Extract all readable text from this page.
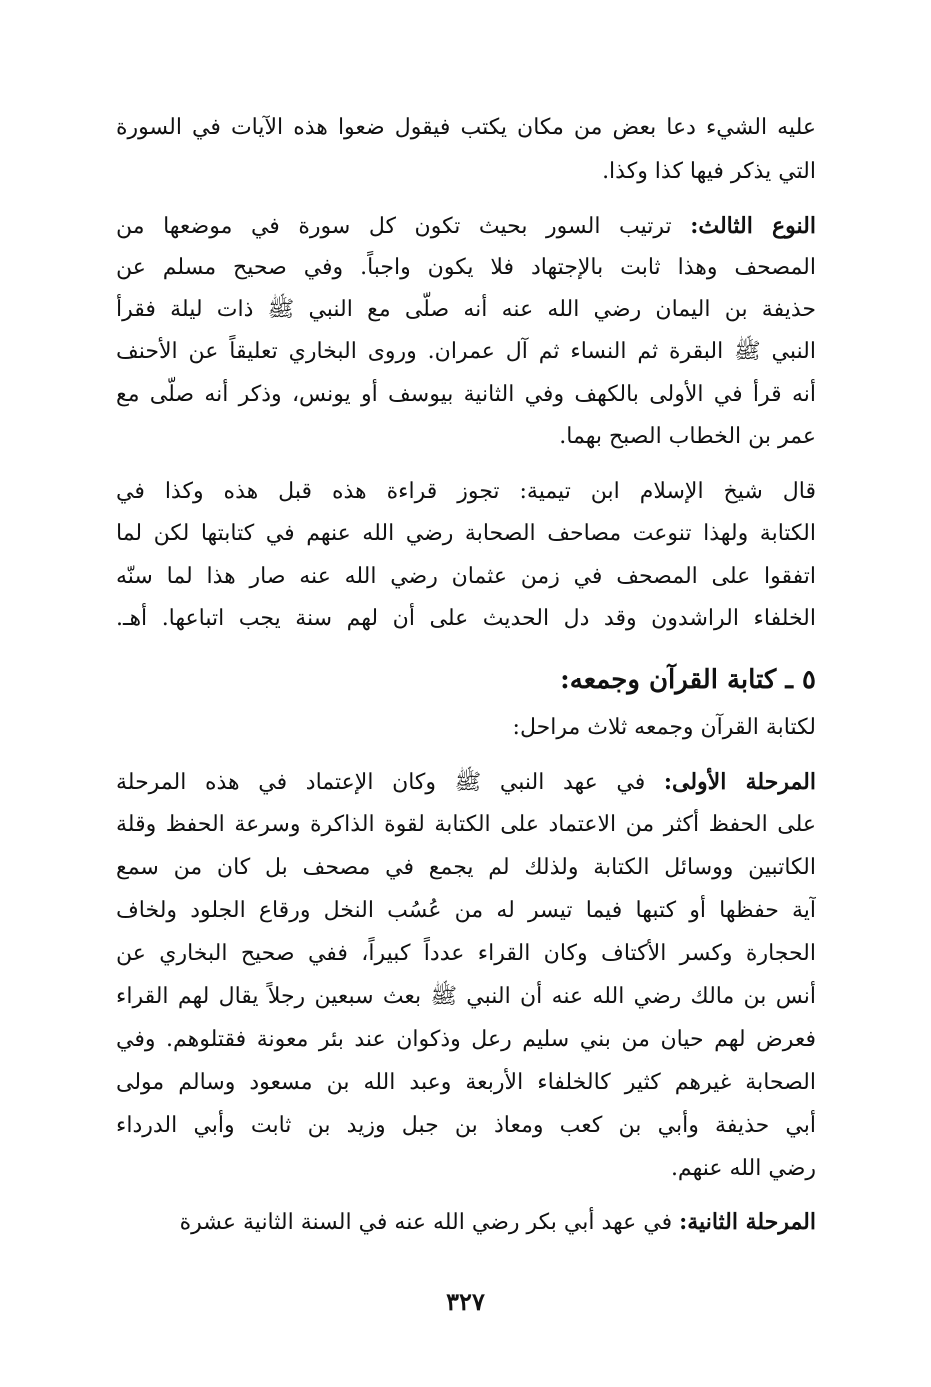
عليه الشيء دعا بعض من مكان يكتب فيقول ضعوا هذه الآيات في السورة
التي يذكر فيها كذا وكذا.
النوع الثالث: ترتيب السور بحيث تكون كل سورة في موضعها من
المصحف وهذا ثابت بالإجتهاد فلا يكون واجباً. وفي صحيح مسلم عن
حذيفة بن اليمان رضي الله عنه أنه صلّى مع النبي ﷺ ذات ليلة فقرأ
النبي ﷺ البقرة ثم النساء ثم آل عمران. وروى البخاري تعليقاً عن الأحنف
أنه قرأ في الأولى بالكهف وفي الثانية بيوسف أو يونس، وذكر أنه صلّى مع
عمر بن الخطاب الصبح بهما.
قال شيخ الإسلام ابن تيمية: تجوز قراءة هذه قبل هذه وكذا في
الكتابة ولهذا تنوعت مصاحف الصحابة رضي الله عنهم في كتابتها لكن لما
اتفقوا على المصحف في زمن عثمان رضي الله عنه صار هذا لما سنّه
الخلفاء الراشدون وقد دل الحديث على أن لهم سنة يجب اتباعها. أهـ.
٥ ـ كتابة القرآن وجمعه:
لكتابة القرآن وجمعه ثلاث مراحل:
المرحلة الأولى: في عهد النبي ﷺ وكان الإعتماد في هذه المرحلة
على الحفظ أكثر من الاعتماد على الكتابة لقوة الذاكرة وسرعة الحفظ وقلة
الكاتبين ووسائل الكتابة ولذلك لم يجمع في مصحف بل كان من سمع
آية حفظها أو كتبها فيما تيسر له من عُسُب النخل ورقاع الجلود ولخاف
الحجارة وكسر الأكتاف وكان القراء عدداً كبيراً، ففي صحيح البخاري عن
أنس بن مالك رضي الله عنه أن النبي ﷺ بعث سبعين رجلاً يقال لهم القراء
فعرض لهم حيان من بني سليم رعل وذكوان عند بئر معونة فقتلوهم. وفي
الصحابة غيرهم كثير كالخلفاء الأربعة وعبد الله بن مسعود وسالم مولى
أبي حذيفة وأبي بن كعب ومعاذ بن جبل وزيد بن ثابت وأبي الدرداء
رضي الله عنهم.
المرحلة الثانية: في عهد أبي بكر رضي الله عنه في السنة الثانية عشرة
٣٢٧
